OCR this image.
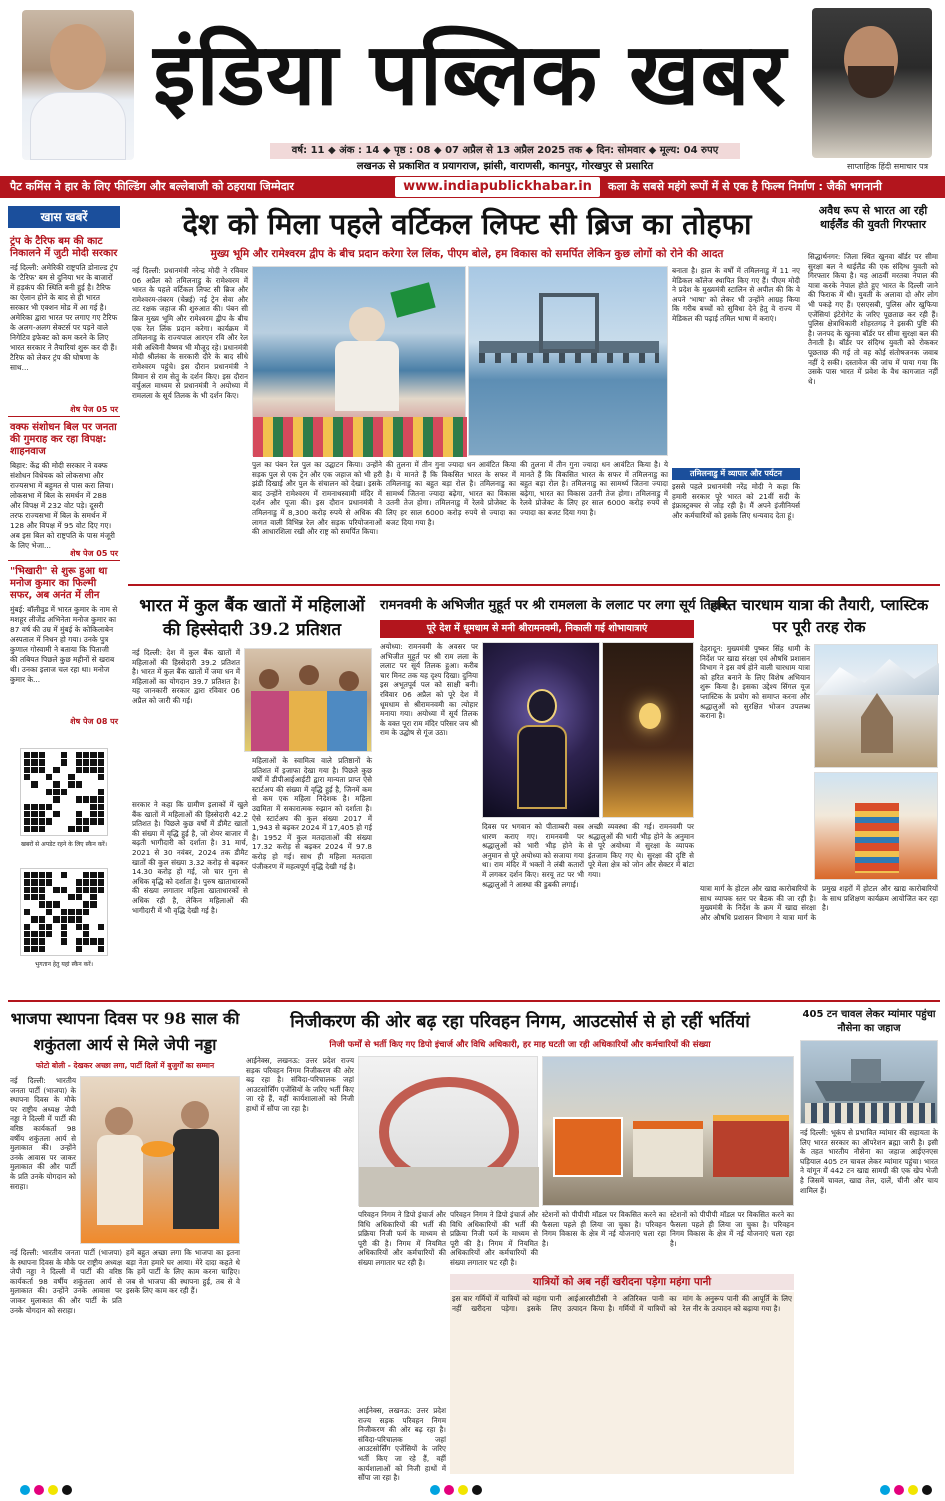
इंडिया पब्लिक खबर
वर्ष: 11 ◆ अंक : 14 ◆ पृष्ठ : 08 ◆ 07 अप्रैल से 13 अप्रैल 2025 तक ◆ दिन: सोमवार ◆ मूल्य: 04 रुपए
लखनऊ से प्रकाशित व प्रयागराज, झांसी, वाराणसी, कानपुर, गोरखपुर से प्रसारित	साप्ताहिक हिंदी समाचार पत्र
पैट कमिंस ने हार के लिए फील्डिंग और बल्लेबाजी को ठहराया जिम्मेदार	www.indiapublickhabar.in	कला के सबसे महंगे रूपों में से एक है फिल्म निर्माण : जैकी भगनानी
खास खबरें
ट्रंप के टैरिफ बम की काट निकालने में जुटी मोदी सरकार
नई दिल्ली: अमेरिकी राष्ट्रपति डोनाल्ड ट्रंप के 'टैरिफ' बम से दुनिया भर के बाजारों में हड़कंप की स्थिति बनी हुई है। टैरिफ का ऐलान होने के बाद से ही भारत सरकार भी एक्शन मोड में आ गई है। अमेरिका द्वारा भारत पर लगाए गए टैरिफ के अलग-अलग सेक्टर्स पर पड़ने वाले निगेटिव इफेक्ट को कम करने के लिए भारत सरकार ने तैयारियां शुरू कर दी हैं। टैरिफ को लेकर ट्रंप की घोषणा के साथ...
शेष पेज 05 पर
वक्फ संशोधन बिल पर जनता की गुमराह कर रहा विपक्ष: शाहनवाज
बिहार: केंद्र की मोदी सरकार ने वक्फ संशोधन विधेयक को लोकसभा और राज्यसभा में बहुमत से पास करा लिया। लोकसभा में बिल के समर्थन में 288 और विपक्ष में 232 वोट पड़े। दूसरी तरफ राज्यसभा में बिल के समर्थन में 128 और विपक्ष में 95 वोट दिए गए। अब इस बिल को राष्ट्रपति के पास मंजूरी के लिए भेजा...
शेष पेज 05 पर
"भिखारी" से शुरू हुआ था मनोज कुमार का फिल्मी सफर, अब अनंत में लीन
मुंबई: बॉलीवुड में भारत कुमार के नाम से मशहूर लीजेंड अभिनेता मनोज कुमार का 87 वर्ष की उम्र में मुंबई के कोकिलाबेन अस्पताल में निधन हो गया। उनके पुत्र कुणाल गोस्वामी ने बताया कि पिताजी की तबियत पिछले कुछ महीनों से खराब थी। उनका इलाज चल रहा था। मनोज कुमार के...
शेष पेज 08 पर
खबरों से अपडेट रहने के लिए स्कैन करें।
भुगतान हेतु यहां स्कैन करें।
देश को मिला पहले वर्टिकल लिफ्ट सी ब्रिज का तोहफा
मुख्य भूमि और रामेश्वरम द्वीप के बीच प्रदान करेगा रेल लिंक, पीएम बोले, हम विकास को समर्पित लेकिन कुछ लोगों को रोने की आदत
नई दिल्ली: प्रधानमंत्री नरेन्द्र मोदी ने रविवार 06 अप्रैल को तमिलनाडु के रामेश्वरम में भारत के पहले वर्टिकल लिफ्ट सी ब्रिज और रामेश्वरम-तंबरम (चेन्नई) नई ट्रेन सेवा और तट रक्षक जहाज की शुरुआत की। पंबन सी ब्रिज मुख्य भूमि और रामेश्वरम द्वीप के बीच एक रेल लिंक प्रदान करेगा। कार्यक्रम में तमिलनाडु के राज्यपाल आरएन रवि और रेल मंत्री अश्विनी वैष्णव भी मौजूद रहे। प्रधानमंत्री मोदी श्रीलंका के सरकारी दौरे के बाद सीधे रामेश्वरम पहुंचे। इस दौरान प्रधानमंत्री ने विमान से राम सेतु के दर्शन किए। इस दौरान वर्चुअल माध्यम से प्रधानमंत्री ने अयोध्या में रामलला के सूर्य तिलक के भी दर्शन किए।
पुल का पंबन रेल पुल का उद्घाटन किया। उन्होंने सड़क पुल से एक ट्रेन और एक जहाज को भी हरी झंडी दिखाई और पुल के संचालन को देखा। इसके बाद उन्होंने रामेश्वरम में रामनाथस्वामी मंदिर में दर्शन और पूजा की। इस दौरान प्रधानमंत्री ने तमिलनाडु में 8,300 करोड़ रुपये से अधिक की लागत वाली विभिन्न रेल और सड़क परियोजनाओं की आधारशिला रखी और राष्ट्र को समर्पित किया।
की तुलना में तीन गुना ज्यादा धन आवंटित किया है। ये मानते हैं कि विकसित भारत के सफर में तमिलनाडु का बहुत बड़ा रोल है। तमिलनाडु का सामर्थ्य जितना ज्यादा बढ़ेगा, भारत का विकास उतनी तेज होगा। तमिलनाडु में रेलवे प्रोजेक्ट के लिए हर साल 6000 करोड़ रुपये से ज्यादा का बजट दिया गया है।
की तुलना में तीन गुना ज्यादा धन आवंटित किया है। ये मानते हैं कि विकसित भारत के सफर में तमिलनाडु का बहुत बड़ा रोल है। तमिलनाडु का सामर्थ्य जितना ज्यादा बढ़ेगा, भारत का विकास उतनी तेज होगा। तमिलनाडु में रेलवे प्रोजेक्ट के लिए हर साल 6000 करोड़ रुपये से ज्यादा का बजट दिया गया है।
बनाता है। हाल के वर्षों में तमिलनाडु में 11 नए मेडिकल कॉलेज स्थापित किए गए हैं। पीएम मोदी ने प्रदेश के मुख्यमंत्री स्टालिन से अपील की कि वे अपने 'भाषा' को लेकर भी उन्होंने आग्रह किया कि गरीब बच्चों को सुविधा देने हेतु वे राज्य में मेडिकल की पढ़ाई तमिल भाषा में कराएं।
तमिलनाडु में व्यापार और पर्यटन
इससे पहले प्रधानमंत्री नरेंद्र मोदी ने कहा कि हमारी सरकार पूरे भारत को 21वीं सदी के इंफ्रास्ट्रक्चर से जोड़ रही है। मैं अपने इंजीनियर्स और कर्मचारियों को इसके लिए धन्यवाद देता हूं।
अवैध रूप से भारत आ रही थाईलैंड की युवती गिरफ्तार
सिद्धार्थनगर: जिला स्थित खुनवा बॉर्डर पर सीमा सुरक्षा बल ने थाईलैंड की एक संदिग्ध युवती को गिरफ्तार किया है। यह आठवीं मरतबा नेपाल की यात्रा करके नेपाल होते हुए भारत के दिल्ली जाने की फिराक में थी। युवती के अलावा दो और लोग भी पकड़े गए हैं। एसएसबी, पुलिस और खुफिया एजेंसियां इंटेरोगेट के जरिए पूछताछ कर रही हैं। पुलिस क्षेत्राधिकारी शोहरतगढ़ ने इसकी पुष्टि की है। जनपद के खुनवा बॉर्डर पर सीमा सुरक्षा बल की तैनाती है। बॉर्डर पर संदिग्ध युवती को रोककर पूछताछ की गई तो वह कोई संतोषजनक जवाब नहीं दे सकी। दस्तावेज की जांच में पाया गया कि उसके पास भारत में प्रवेश के वैध कागजात नहीं थे।
भारत में कुल बैंक खातों में महिलाओं की हिस्सेदारी 39.2 प्रतिशत
नई दिल्ली: देश में कुल बैंक खातों में महिलाओं की हिस्सेदारी 39.2 प्रतिशत है। भारत में कुल बैंक खातों में जमा धन में महिलाओं का योगदान 39.7 प्रतिशत है। यह जानकारी सरकार द्वारा रविवार 06 अप्रैल को जारी की गई।
सरकार ने कहा कि ग्रामीण इलाकों में खुले बैंक खातों में महिलाओं की हिस्सेदारी 42.2 प्रतिशत है। पिछले कुछ वर्षों में डीमैट खातों की संख्या में वृद्धि हुई है, जो शेयर बाजार में बढ़ती भागीदारी को दर्शाता है। 31 मार्च, 2021 से 30 नवंबर, 2024 तक डीमैट खातों की कुल संख्या 3.32 करोड़ से बढ़कर 14.30 करोड़ हो गई, जो चार गुना से अधिक वृद्धि को दर्शाता है। पुरुष खाताधारकों की संख्या लगातार महिला खाताधारकों से अधिक रही है, लेकिन महिलाओं की भागीदारी में भी वृद्धि देखी गई है।
महिलाओं के स्वामित्व वाले प्रतिष्ठानों के प्रतिशत में इजाफा देखा गया है। पिछले कुछ वर्षों में डीपीआईआईटी द्वारा मान्यता प्राप्त ऐसे स्टार्टअप की संख्या में वृद्धि हुई है, जिनमें कम से कम एक महिला निदेशक है। महिला उद्यमिता में सकारात्मक रुझान को दर्शाता है। ऐसे स्टार्टअप की कुल संख्या 2017 में 1,943 से बढ़कर 2024 में 17,405 हो गई है। 1952 में कुल मतदाताओं की संख्या 17.32 करोड़ से बढ़कर 2024 में 97.8 करोड़ हो गई। साथ ही महिला मतदाता पंजीकरण में महत्वपूर्ण वृद्धि देखी गई है।
रामनवमी के अभिजीत मुहूर्त पर श्री रामलला के ललाट पर लगा सूर्य तिलक
पूरे देश में धूमधाम से मनी श्रीरामनवमी, निकाली गई शोभायात्राएं
अयोध्या: रामनवमी के अवसर पर अभिजीत मुहूर्त पर श्री राम लला के ललाट पर सूर्य तिलक हुआ। करीब चार मिनट तक यह दृश्य दिखा। दुनिया इस अभूतपूर्व पल को साक्षी बनी। रविवार 06 अप्रैल को पूरे देश में धूमधाम से श्रीरामनवमी का त्योहार मनाया गया। अयोध्या में सूर्य तिलक के वक्त पूरा राम मंदिर परिसर जय श्री राम के उद्घोष से गूंज उठा।
दिवस पर भगवान को पीताम्बरी वस्त्र धारण कराए गए। रामनवमी पर श्रद्धालुओं को भारी भीड़ होने के अनुमान से पूरे अयोध्या को सजाया गया था। राम मंदिर में भक्तों ने लंबी कतारों में लगकर दर्शन किए। सरयू तट पर भी श्रद्धालुओं ने आस्था की डुबकी लगाई।
अच्छी व्यवस्था की गई। रामनवमी पर श्रद्धालुओं की भारी भीड़ होने के अनुमान से पूरे अयोध्या में सुरक्षा के व्यापक इंतजाम किए गए थे। सुरक्षा की दृष्टि से पूरे मेला क्षेत्र को जोन और सेक्टर में बांटा गया।
हरित चारधाम यात्रा की तैयारी, प्लास्टिक पर पूरी तरह रोक
देहरादून: मुख्यमंत्री पुष्कर सिंह धामी के निर्देश पर खाद्य संरक्षा एवं औषधि प्रशासन विभाग ने इस वर्ष होने वाली चारधाम यात्रा को हरित बनाने के लिए विशेष अभियान शुरू किया है। इसका उद्देश्य सिंगल यूज प्लास्टिक के प्रयोग को समाप्त करना और श्रद्धालुओं को सुरक्षित भोजन उपलब्ध कराना है।
यात्रा मार्ग के होटल और खाद्य कारोबारियों के साथ व्यापक स्तर पर बैठक की जा रही है। मुख्यमंत्री के निर्देश के क्रम में खाद्य संरक्षा और औषधि प्रशासन विभाग ने यात्रा मार्ग के प्रमुख शहरों में होटल और खाद्य कारोबारियों के साथ प्रशिक्षण कार्यक्रम आयोजित कर रहा है।
भाजपा स्थापना दिवस पर 98 साल की शकुंतला आर्य से मिले जेपी नड्डा
फोटो बोली - देखकर अच्छा लगा, पार्टी दिलों में बुजुर्गों का सम्मान
नई दिल्ली: भारतीय जनता पार्टी (भाजपा) के स्थापना दिवस के मौके पर राष्ट्रीय अध्यक्ष जेपी नड्डा ने दिल्ली में पार्टी की वरिष्ठ कार्यकर्ता 98 वर्षीय शकुंतला आर्य से मुलाकात की। उन्होंने उनके आवास पर जाकर मुलाकात की और पार्टी के प्रति उनके योगदान को सराहा।
नई दिल्ली: भारतीय जनता पार्टी (भाजपा) के स्थापना दिवस के मौके पर राष्ट्रीय अध्यक्ष जेपी नड्डा ने दिल्ली में पार्टी की वरिष्ठ कार्यकर्ता 98 वर्षीय शकुंतला आर्य से मुलाकात की। उन्होंने उनके आवास पर जाकर मुलाकात की और पार्टी के प्रति उनके योगदान को सराहा।
हमें बहुत अच्छा लगा कि भाजपा का इतना बड़ा नेता हमारे घर आया। मेरे दादा कहते थे कि हमें पार्टी के लिए काम करना चाहिए। जब से भाजपा की स्थापना हुई, तब से वे इसके लिए काम कर रही हैं।
निजीकरण की ओर बढ़ रहा परिवहन निगम, आउटसोर्स से हो रहीं भर्तियां
निजी फर्मों से भर्ती किए गए डिपो इंचार्ज और विधि अधिकारी, हर माह घटती जा रही अधिकारियों और कर्मचारियों की संख्या
आईनेक्स, लखनऊ: उत्तर प्रदेश राज्य सड़क परिवहन निगम निजीकरण की ओर बढ़ रहा है। संविदा-परिचालक जहां आउटसोर्सिंग एजेंसियों के जरिए भर्ती किए जा रहे हैं, वहीं कार्यशालाओं को निजी हाथों में सौंपा जा रहा है।
परिवहन निगम ने डिपो इंचार्ज और विधि अधिकारियों की भर्ती की प्रक्रिया निजी फर्म के माध्यम से पूरी की है। निगम में नियमित अधिकारियों और कर्मचारियों की संख्या लगातार घट रही है।
परिवहन निगम ने डिपो इंचार्ज और विधि अधिकारियों की भर्ती की प्रक्रिया निजी फर्म के माध्यम से पूरी की है। निगम में नियमित अधिकारियों और कर्मचारियों की संख्या लगातार घट रही है।
स्टेशनों को पीपीपी मॉडल पर विकसित करने का फैसला पहले ही लिया जा चुका है। परिवहन निगम विकास के क्षेत्र में नई योजनाएं चला रहा है।
स्टेशनों को पीपीपी मॉडल पर विकसित करने का फैसला पहले ही लिया जा चुका है। परिवहन निगम विकास के क्षेत्र में नई योजनाएं चला रहा है।
यात्रियों को अब नहीं खरीदना पड़ेगा महंगा पानी
इस बार गर्मियों में यात्रियों को महंगा पानी नहीं खरीदना पड़ेगा। इसके लिए आईआरसीटीसी ने अतिरिक्त पानी का उत्पादन किया है। गर्मियों में यात्रियों को मांग के अनुरूप पानी की आपूर्ति के लिए रेल नीर के उत्पादन को बढ़ाया गया है।
आईनेक्स, लखनऊ: उत्तर प्रदेश राज्य सड़क परिवहन निगम निजीकरण की ओर बढ़ रहा है। संविदा-परिचालक जहां आउटसोर्सिंग एजेंसियों के जरिए भर्ती किए जा रहे हैं, वहीं कार्यशालाओं को निजी हाथों में सौंपा जा रहा है।
405 टन चावल लेकर म्यांमार पहुंचा नौसेना का जहाज
नई दिल्ली: भूकंप से प्रभावित म्यांमार की सहायता के लिए भारत सरकार का ऑपरेशन ब्रह्मा जारी है। इसी के तहत भारतीय नौसेना का जहाज आईएनएस घड़ियाल 405 टन चावल लेकर म्यांमार पहुंचा। भारत ने यांगून में 442 टन खाद्य सामग्री की एक खेप भेजी है जिसमें चावल, खाद्य तेल, दालें, चीनी और चाय शामिल हैं।
